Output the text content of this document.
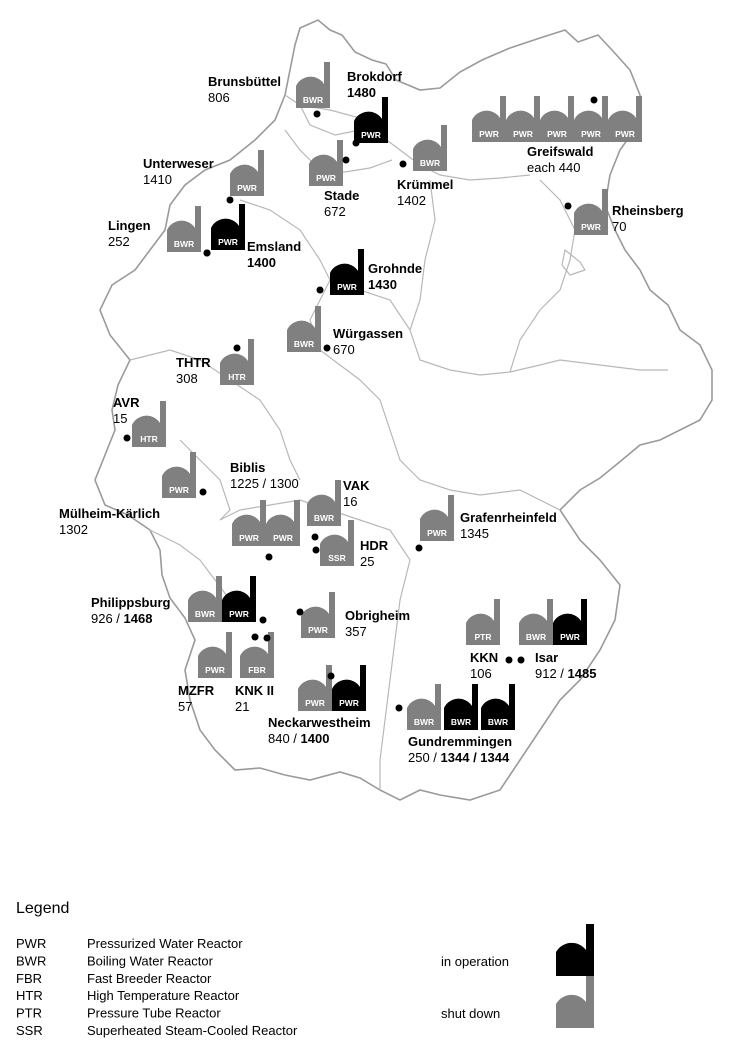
BWR
Brunsbüttel
806
PWR
Brokdorf
1480
PWR
Unterweser
1410	PWR
Stade
672
BWR
Krümmel
1402
PWR PWR PWR PWR PWR
Greifswald
each 440
PWR
Rheinsberg
70
BWR
Lingen
252	PWR Emsland
1400
PWR
Grohnde
1430
BWR
Würgassen
670
HTR
THTR
308
HTR
AVR
15
PWR
Mülheim-Kärlich
1302
PWR PWR
Biblis
1225 / 1300
BWR
VAK
16
SSR
HDR
25
PWR
Grafenrheinfeld
1345
BWR PWR
Philippsburg
926 / 1468
PWR
Obrigheim
357
PWR
MZFR
57
FBR
KNK II
21	PWR PWR
Neckarwestheim
840 / 1400
PTR
KKN
106
BWR PWR
Isar
912 / 1485
BWR BWR BWR
Gundremmingen
250 / 1344 / 1344
Legend
PWR	Pressurized Water Reactor
BWR	Boiling Water Reactor
FBR	Fast Breeder Reactor
HTR	High Temperature Reactor
PTR	Pressure Tube Reactor
SSR	Superheated Steam-Cooled Reactor
in operation
shut down
